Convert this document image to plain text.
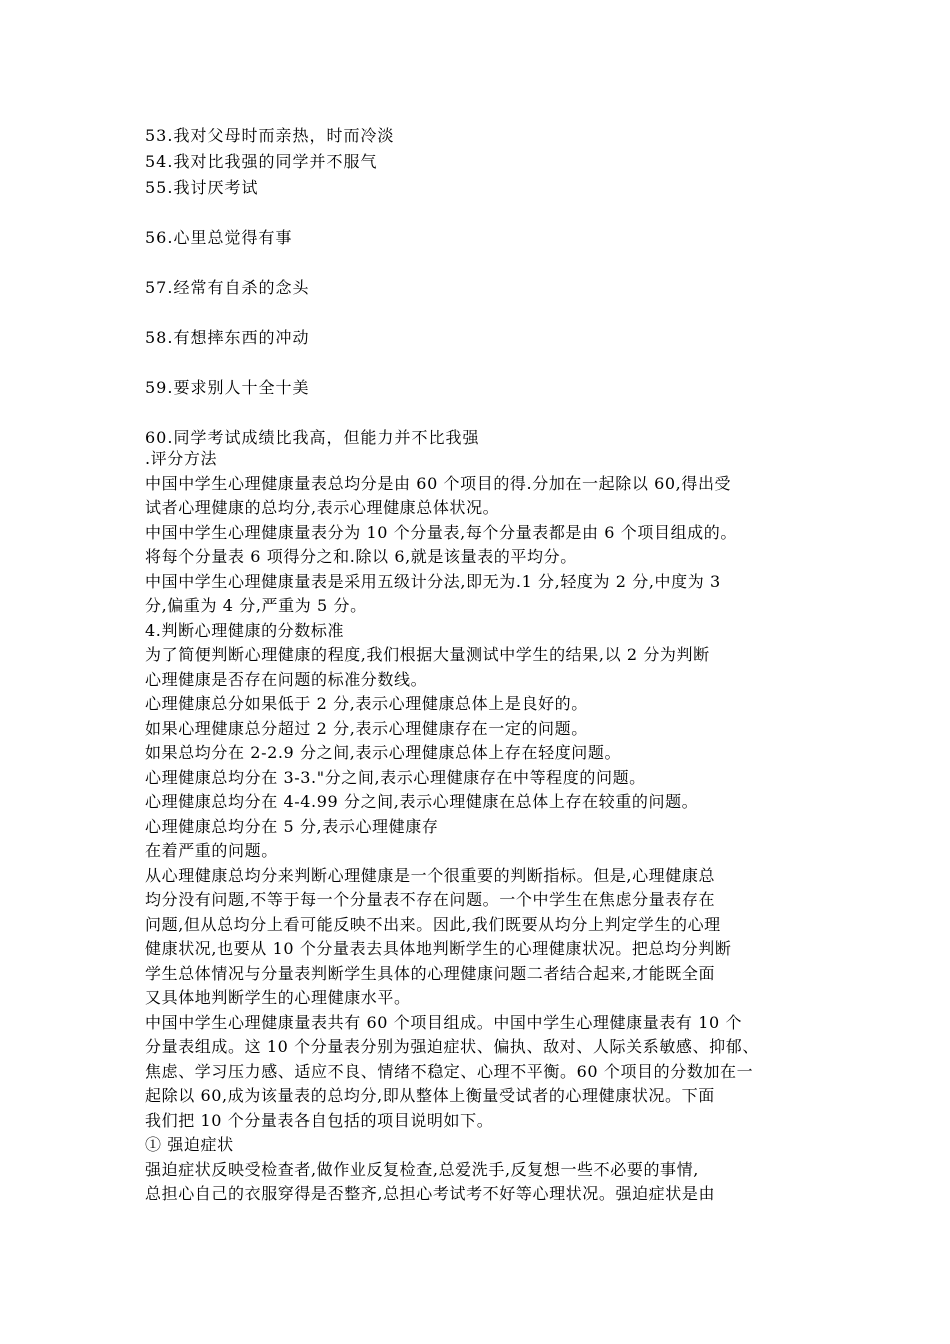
53.我对父母时而亲热，时而冷淡
54.我对比我强的同学并不服气
55.我讨厌考试
56.心里总觉得有事
57.经常有自杀的念头
58.有想摔东西的冲动
59.要求别人十全十美
60.同学考试成绩比我高，但能力并不比我强
.评分方法
中国中学生心理健康量表总均分是由 60 个项目的得.分加在一起除以 60,得出受
试者心理健康的总均分,表示心理健康总体状况。
中国中学生心理健康量表分为 10 个分量表,每个分量表都是由 6 个项目组成的。
将每个分量表 6 项得分之和.除以 6,就是该量表的平均分。
中国中学生心理健康量表是采用五级计分法,即无为.1 分,轻度为 2 分,中度为 3
分,偏重为 4 分,严重为 5 分。
4.判断心理健康的分数标准
为了简便判断心理健康的程度,我们根据大量测试中学生的结果,以 2 分为判断
心理健康是否存在问题的标准分数线。
心理健康总分如果低于 2 分,表示心理健康总体上是良好的。
如果心理健康总分超过 2 分,表示心理健康存在一定的问题。
如果总均分在 2-2.9 分之间,表示心理健康总体上存在轻度问题。
心理健康总均分在 3-3."分之间,表示心理健康存在中等程度的问题。
心理健康总均分在 4-4.99 分之间,表示心理健康在总体上存在较重的问题。
心理健康总均分在 5 分,表示心理健康存
在着严重的问题。
从心理健康总均分来判断心理健康是一个很重要的判断指标。但是,心理健康总
均分没有问题,不等于每一个分量表不存在问题。一个中学生在焦虑分量表存在
问题,但从总均分上看可能反映不出来。因此,我们既要从均分上判定学生的心理
健康状况,也要从 10 个分量表去具体地判断学生的心理健康状况。把总均分判断
学生总体情况与分量表判断学生具体的心理健康问题二者结合起来,才能既全面
又具体地判断学生的心理健康水平。
中国中学生心理健康量表共有 60 个项目组成。中国中学生心理健康量表有 10 个
分量表组成。这 10 个分量表分别为强迫症状、偏执、敌对、人际关系敏感、抑郁、
焦虑、学习压力感、适应不良、情绪不稳定、心理不平衡。60 个项目的分数加在一
起除以 60,成为该量表的总均分,即从整体上衡量受试者的心理健康状况。下面
我们把 10 个分量表各自包括的项目说明如下。
① 强迫症状
强迫症状反映受检查者,做作业反复检查,总爱洗手,反复想一些不必要的事情,
总担心自己的衣服穿得是否整齐,总担心考试考不好等心理状况。强迫症状是由
